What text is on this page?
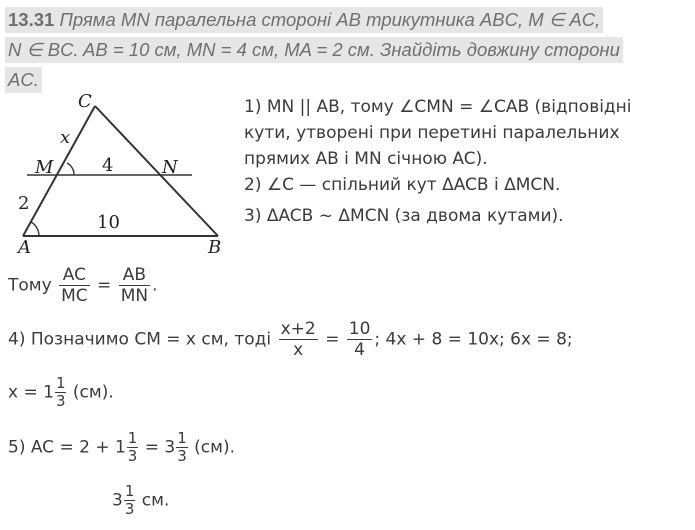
13.31 Пряма MN паралельна стороні AB трикутника ABC, M ∈ AC,
N ∈ BC. AB = 10 см, MN = 4 см, MA = 2 см. Знайдіть довжину сторони
AC.
C
x
M	4	N
2
10
A	B
1) MN || AB, тому ∠CMN = ∠CAB (відповідні
кути, утворені при перетині паралельних
прямих AB і MN січною AC).
2) ∠C — спільний кут ΔACB і ΔMCN.
3) ΔACB ~ ΔMCN (за двома кутами).
Тому $\frac{AC}{MC} = \frac{AB}{MN}$ .
4) Позначимо CM = x см, тоді $\frac{x+2}{x} = \frac{10}{4}$ ; 4x + 8 = 10x; 6x = 8;
$x = 1 \frac{1}{3} (см)$.
5) AC = $2 + 1 \frac{1}{3} = 3 \frac{1}{3} (см)$.
$3 \frac{1}{3}$ см.
